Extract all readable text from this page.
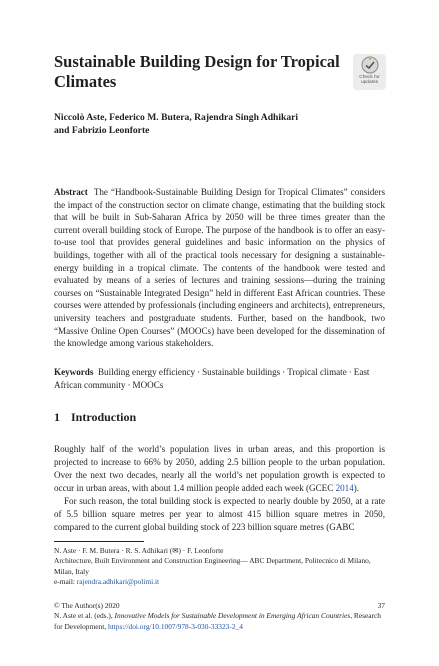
Sustainable Building Design for Tropical Climates	Check for
updates
Niccolò Aste, Federico M. Butera, Rajendra Singh Adhikari
and Fabrizio Leonforte

Abstract The “Handbook-Sustainable Building Design for Tropical Climates” considers the impact of the construction sector on climate change, estimating that the building stock that will be built in Sub-Saharan Africa by 2050 will be three times greater than the current overall building stock of Europe. The purpose of the handbook is to offer an easy-to-use tool that provides general guidelines and basic information on the physics of buildings, together with all of the practical tools necessary for designing a sustainable-energy building in a tropical climate. The contents of the handbook were tested and evaluated by means of a series of lectures and training sessions—during the training courses on “Sustainable Integrated Design” held in different East African countries. These courses were attended by professionals (including engineers and architects), entrepreneurs, university teachers and postgraduate students. Further, based on the handbook, two “Massive Online Open Courses” (MOOCs) have been developed for the dissemination of the knowledge among various stakeholders.

Keywords Building energy efficiency · Sustainable buildings · Tropical climate · East African community · MOOCs

1 Introduction

Roughly half of the world’s population lives in urban areas, and this proportion is projected to increase to 66% by 2050, adding 2.5 billion people to the urban population. Over the next two decades, nearly all the world’s net population growth is expected to occur in urban areas, with about 1.4 million people added each week (GCEC 2014).

For such reason, the total building stock is expected to nearly double by 2050, at a rate of 5.5 billion square metres per year to almost 415 billion square metres in 2050, compared to the current global building stock of 223 billion square metres (GABC

N. Aste · F. M. Butera · R. S. Adhikari (✉) · F. Leonforte
Architecture, Built Environment and Construction Engineering— ABC Department, Politecnico di Milano, Milan, Italy
e-mail: rajendra.adhikari@polimi.it
© The Author(s) 2020	37
N. Aste et al. (eds.), Innovative Models for Sustainable Development in Emerging African Countries, Research for Development, https://doi.org/10.1007/978-3-030-33323-2_4
